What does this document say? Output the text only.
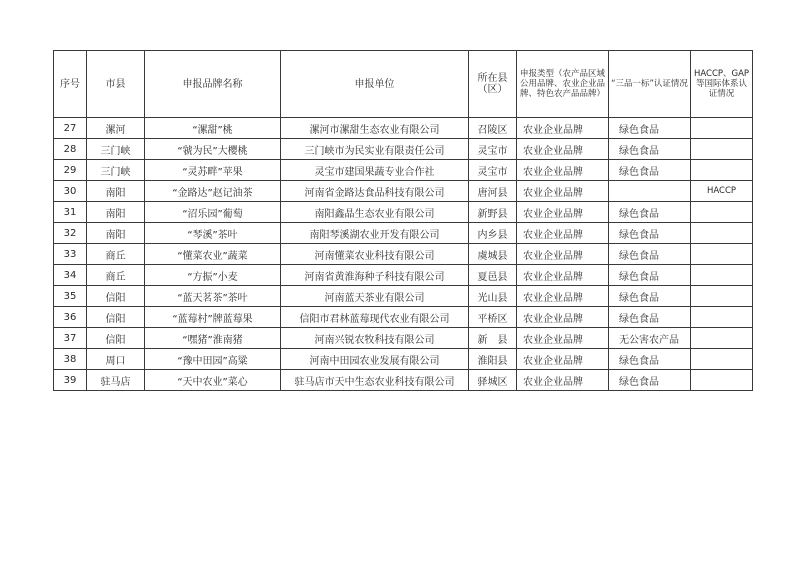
序号	市县	申报品牌名称	申报单位	所在县（区）	申报类型（农产品区域公用品牌、农业企业品牌、特色农产品品牌）	“三品一标”认证情况	HACCP、GAP等国际体系认证情况
27	漯河	“漯甜”桃	漯河市漯甜生态农业有限公司	召陵区	农业企业品牌	绿色食品	
28	三门峡	“虢为民”大樱桃	三门峡市为民实业有限责任公司	灵宝市	农业企业品牌	绿色食品	
29	三门峡	“灵苏畔”苹果	灵宝市建国果蔬专业合作社	灵宝市	农业企业品牌	绿色食品	
30	南阳	“金路达”赵记油茶	河南省金路达食品科技有限公司	唐河县	农业企业品牌		HACCP
31	南阳	“沼乐园”葡萄	南阳鑫晶生态农业有限公司	新野县	农业企业品牌	绿色食品	
32	南阳	“琴溪”茶叶	南阳琴溪湖农业开发有限公司	内乡县	农业企业品牌	绿色食品	
33	商丘	“懂菜农业”蔬菜	河南懂菜农业科技有限公司	虞城县	农业企业品牌	绿色食品	
34	商丘	“方振”小麦	河南省黄淮海种子科技有限公司	夏邑县	农业企业品牌	绿色食品	
35	信阳	“蓝天茗茶”茶叶	河南蓝天茶业有限公司	光山县	农业企业品牌	绿色食品	
36	信阳	“蓝莓村”牌蓝莓果	信阳市君林蓝莓现代农业有限公司	平桥区	农业企业品牌	绿色食品	
37	信阳	“嘿猪”淮南猪	河南兴锐农牧科技有限公司	新　县	农业企业品牌	无公害农产品	
38	周口	“豫中田园”高粱	河南中田园农业发展有限公司	淮阳县	农业企业品牌	绿色食品	
39	驻马店	“天中农业”菜心	驻马店市天中生态农业科技有限公司	驿城区	农业企业品牌	绿色食品	
